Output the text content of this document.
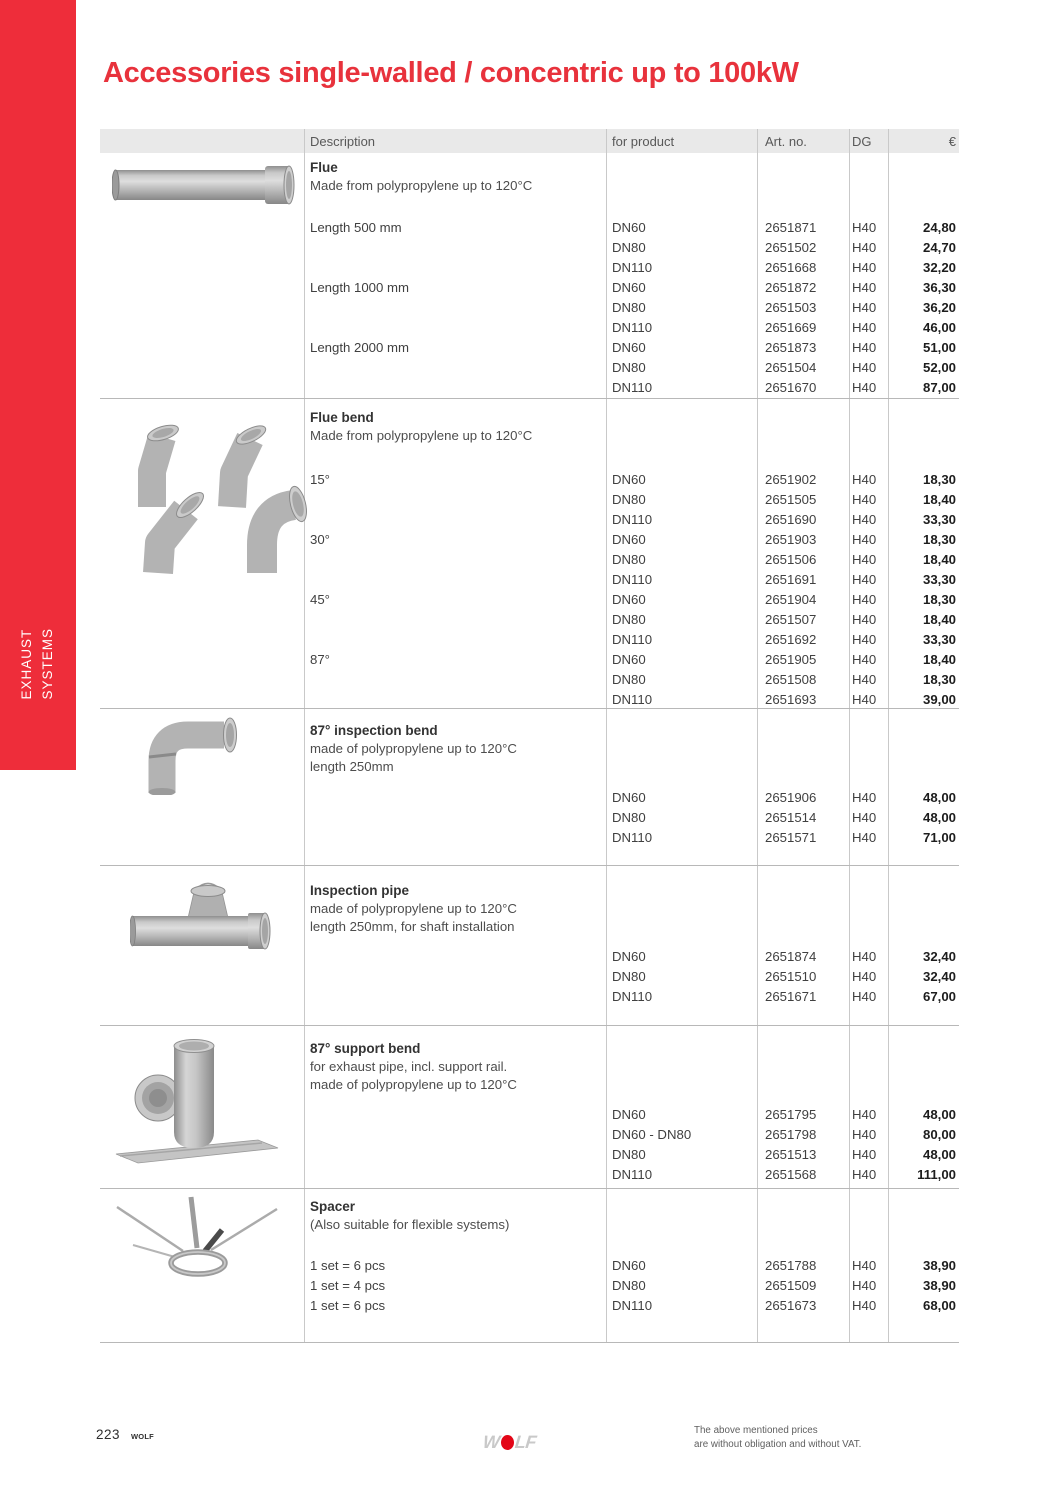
EXHAUST SYSTEMS
Accessories single-walled / concentric up to 100kW
Description	for product	Art. no.	DG	€
Flue
Made from polypropylene up to 120°C
Length 500 mm	DN60	2651871	H40	24,80
DN80	2651502	H40	24,70
DN110	2651668	H40	32,20
Length 1000 mm	DN60	2651872	H40	36,30
DN80	2651503	H40	36,20
DN110	2651669	H40	46,00
Length 2000 mm	DN60	2651873	H40	51,00
DN80	2651504	H40	52,00
DN110	2651670	H40	87,00
Flue bend
Made from polypropylene up to 120°C
15°	DN60	2651902	H40	18,30
DN80	2651505	H40	18,40
DN110	2651690	H40	33,30
30°	DN60	2651903	H40	18,30
DN80	2651506	H40	18,40
DN110	2651691	H40	33,30
45°	DN60	2651904	H40	18,30
DN80	2651507	H40	18,40
DN110	2651692	H40	33,30
87°	DN60	2651905	H40	18,40
DN80	2651508	H40	18,30
DN110	2651693	H40	39,00
87° inspection bend
made of polypropylene up to 120°C
length 250mm
DN60	2651906	H40	48,00
DN80	2651514	H40	48,00
DN110	2651571	H40	71,00
Inspection pipe
made of polypropylene up to 120°C
length 250mm, for shaft installation
DN60	2651874	H40	32,40
DN80	2651510	H40	32,40
DN110	2651671	H40	67,00
87° support bend
for exhaust pipe, incl. support rail.
made of polypropylene up to 120°C
DN60	2651795	H40	48,00
DN60 - DN80	2651798	H40	80,00
DN80	2651513	H40	48,00
DN110	2651568	H40	111,00
Spacer
(Also suitable for flexible systems)
1 set = 6 pcs	DN60	2651788	H40	38,90
1 set = 4 pcs	DN80	2651509	H40	38,90
1 set = 6 pcs	DN110	2651673	H40	68,00
223 WOLF	W LF
The above mentioned prices
are without obligation and without VAT.
